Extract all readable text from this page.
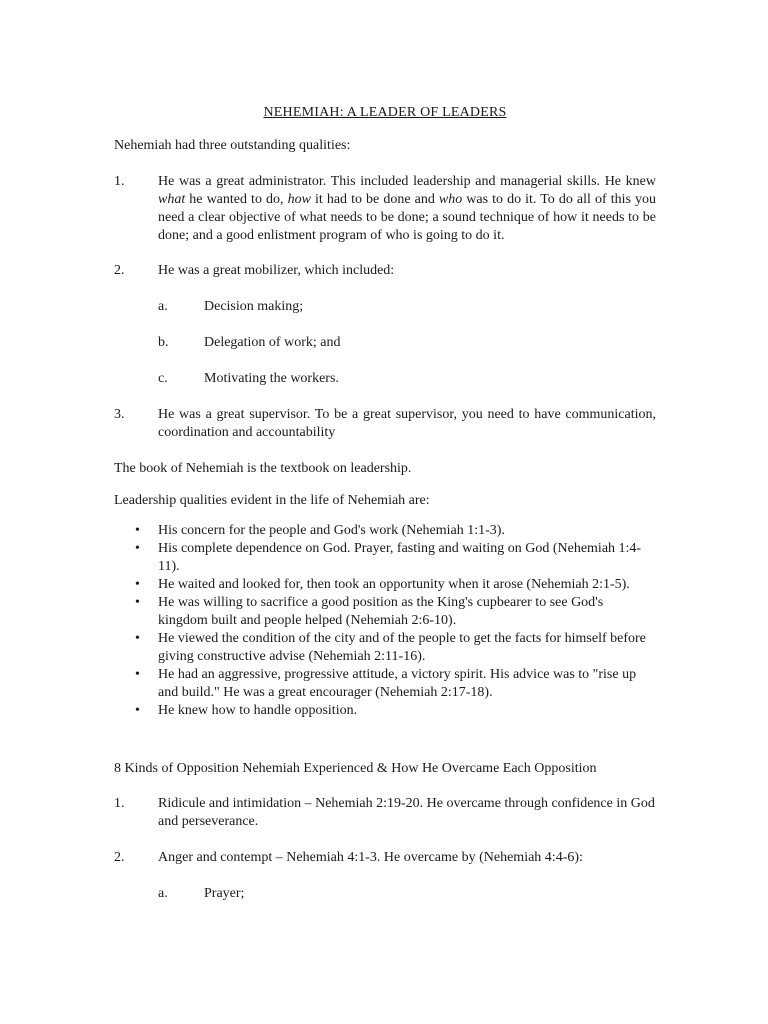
NEHEMIAH: A LEADER OF LEADERS
Nehemiah had three outstanding qualities:
1. He was a great administrator. This included leadership and managerial skills. He knew what he wanted to do, how it had to be done and who was to do it. To do all of this you need a clear objective of what needs to be done; a sound technique of how it needs to be done; and a good enlistment program of who is going to do it.
2. He was a great mobilizer, which included:
a.	Decision making;
b.	Delegation of work; and
c.	Motivating the workers.
3. He was a great supervisor. To be a great supervisor, you need to have communication, coordination and accountability
The book of Nehemiah is the textbook on leadership.
Leadership qualities evident in the life of Nehemiah are:
• His concern for the people and God's work (Nehemiah 1:1-3).
• His complete dependence on God. Prayer, fasting and waiting on God (Nehemiah 1:4-11).
• He waited and looked for, then took an opportunity when it arose (Nehemiah 2:1-5).
• He was willing to sacrifice a good position as the King's cupbearer to see God's kingdom built and people helped (Nehemiah 2:6-10).
• He viewed the condition of the city and of the people to get the facts for himself before giving constructive advise (Nehemiah 2:11-16).
• He had an aggressive, progressive attitude, a victory spirit. His advice was to "rise up and build." He was a great encourager (Nehemiah 2:17-18).
• He knew how to handle opposition.
8 Kinds of Opposition Nehemiah Experienced & How He Overcame Each Opposition
1. Ridicule and intimidation – Nehemiah 2:19-20. He overcame through confidence in God and perseverance.
2. Anger and contempt – Nehemiah 4:1-3. He overcame by (Nehemiah 4:4-6):
a.	Prayer;
